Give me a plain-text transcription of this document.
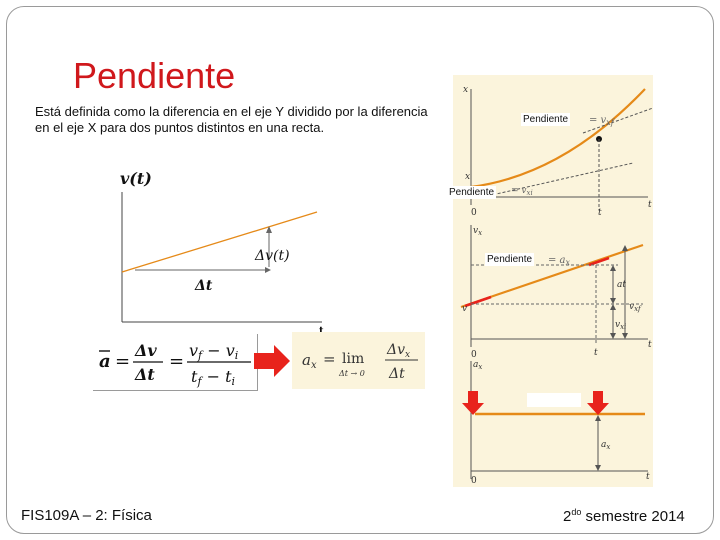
Pendiente
Está definida como la diferencia en el eje Y dividido por la diferencia en el eje X para dos puntos distintos en una recta.
v(t)
Δv(t)
Δt
a =
Δv
Δt
=
vf − vi
tf − ti
$a_x = \lim$
Δt → 0
$\Delta v_x$
Δt
x
x
= $v_{xf}$
= $v_{xi}$
t
0	t
$v_x$
= $a_x$
at
$v_{xf}$
$v_{xi}$
v
t
0	t
$a_x$
$a_x$
t
0
Pendiente
Pendiente
Pendiente
FIS109A – 2: Física	$2^{do}$ semestre 2014
